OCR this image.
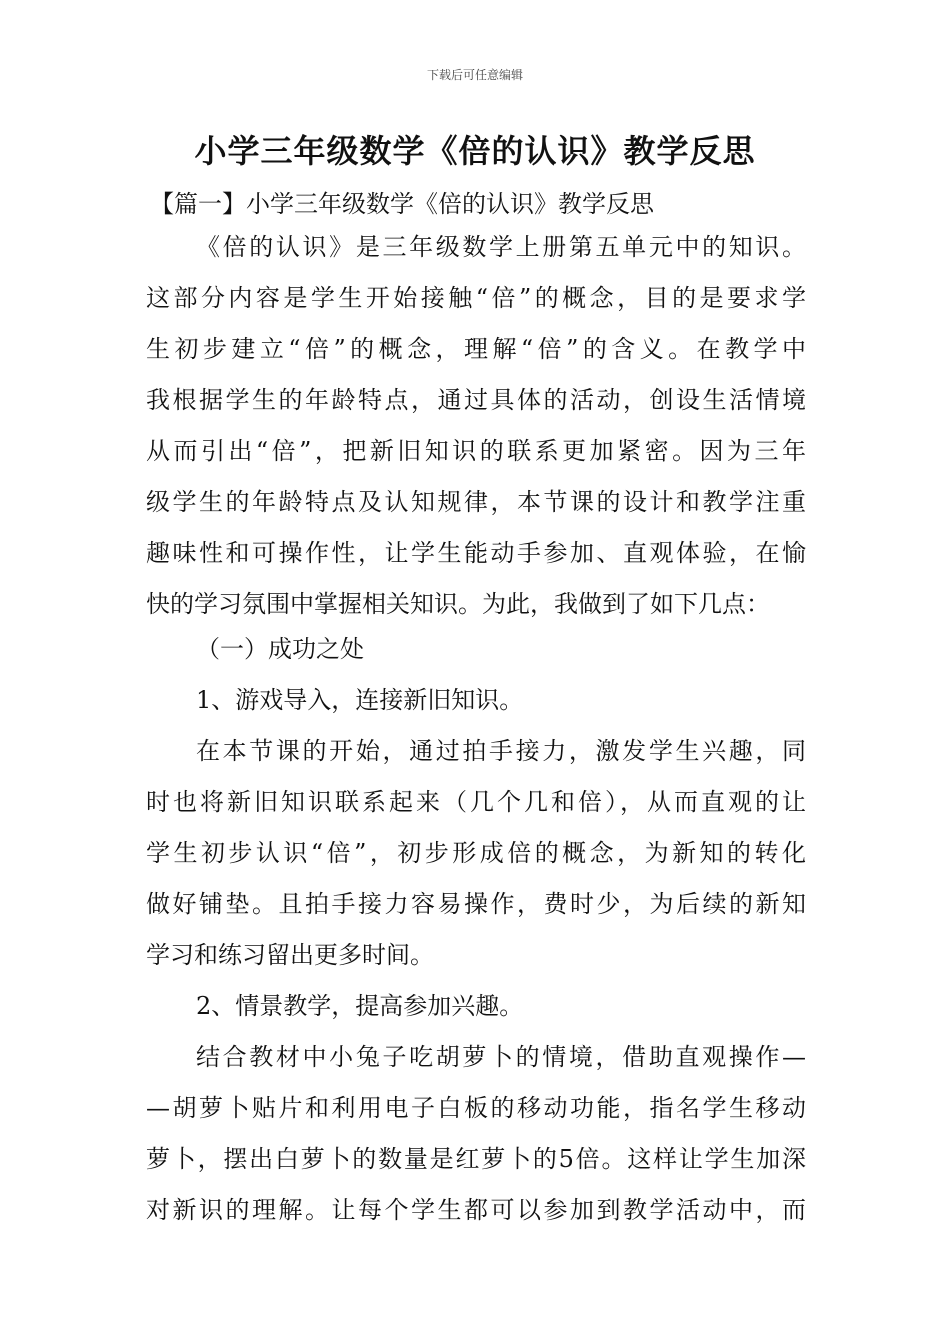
下载后可任意编辑
小学三年级数学《倍的认识》教学反思
【篇一】小学三年级数学《倍的认识》教学反思
《倍的认识》是三年级数学上册第五单元中的知识。
这部分内容是学生开始接触“倍”的概念，目的是要求学
生初步建立“倍”的概念，理解“倍”的含义。在教学中
我根据学生的年龄特点，通过具体的活动，创设生活情境
从而引出“倍”，把新旧知识的联系更加紧密。因为三年
级学生的年龄特点及认知规律，本节课的设计和教学注重
趣味性和可操作性，让学生能动手参加、直观体验，在愉
快的学习氛围中掌握相关知识。为此，我做到了如下几点：
（一）成功之处
1、游戏导入，连接新旧知识。
在本节课的开始，通过拍手接力，激发学生兴趣，同
时也将新旧知识联系起来（几个几和倍），从而直观的让
学生初步认识“倍”，初步形成倍的概念，为新知的转化
做好铺垫。且拍手接力容易操作，费时少，为后续的新知
学习和练习留出更多时间。
2、情景教学，提高参加兴趣。
结合教材中小兔子吃胡萝卜的情境，借助直观操作—
—胡萝卜贴片和利用电子白板的移动功能，指名学生移动
萝卜，摆出白萝卜的数量是红萝卜的5倍。这样让学生加深
对新识的理解。让每个学生都可以参加到教学活动中，而
